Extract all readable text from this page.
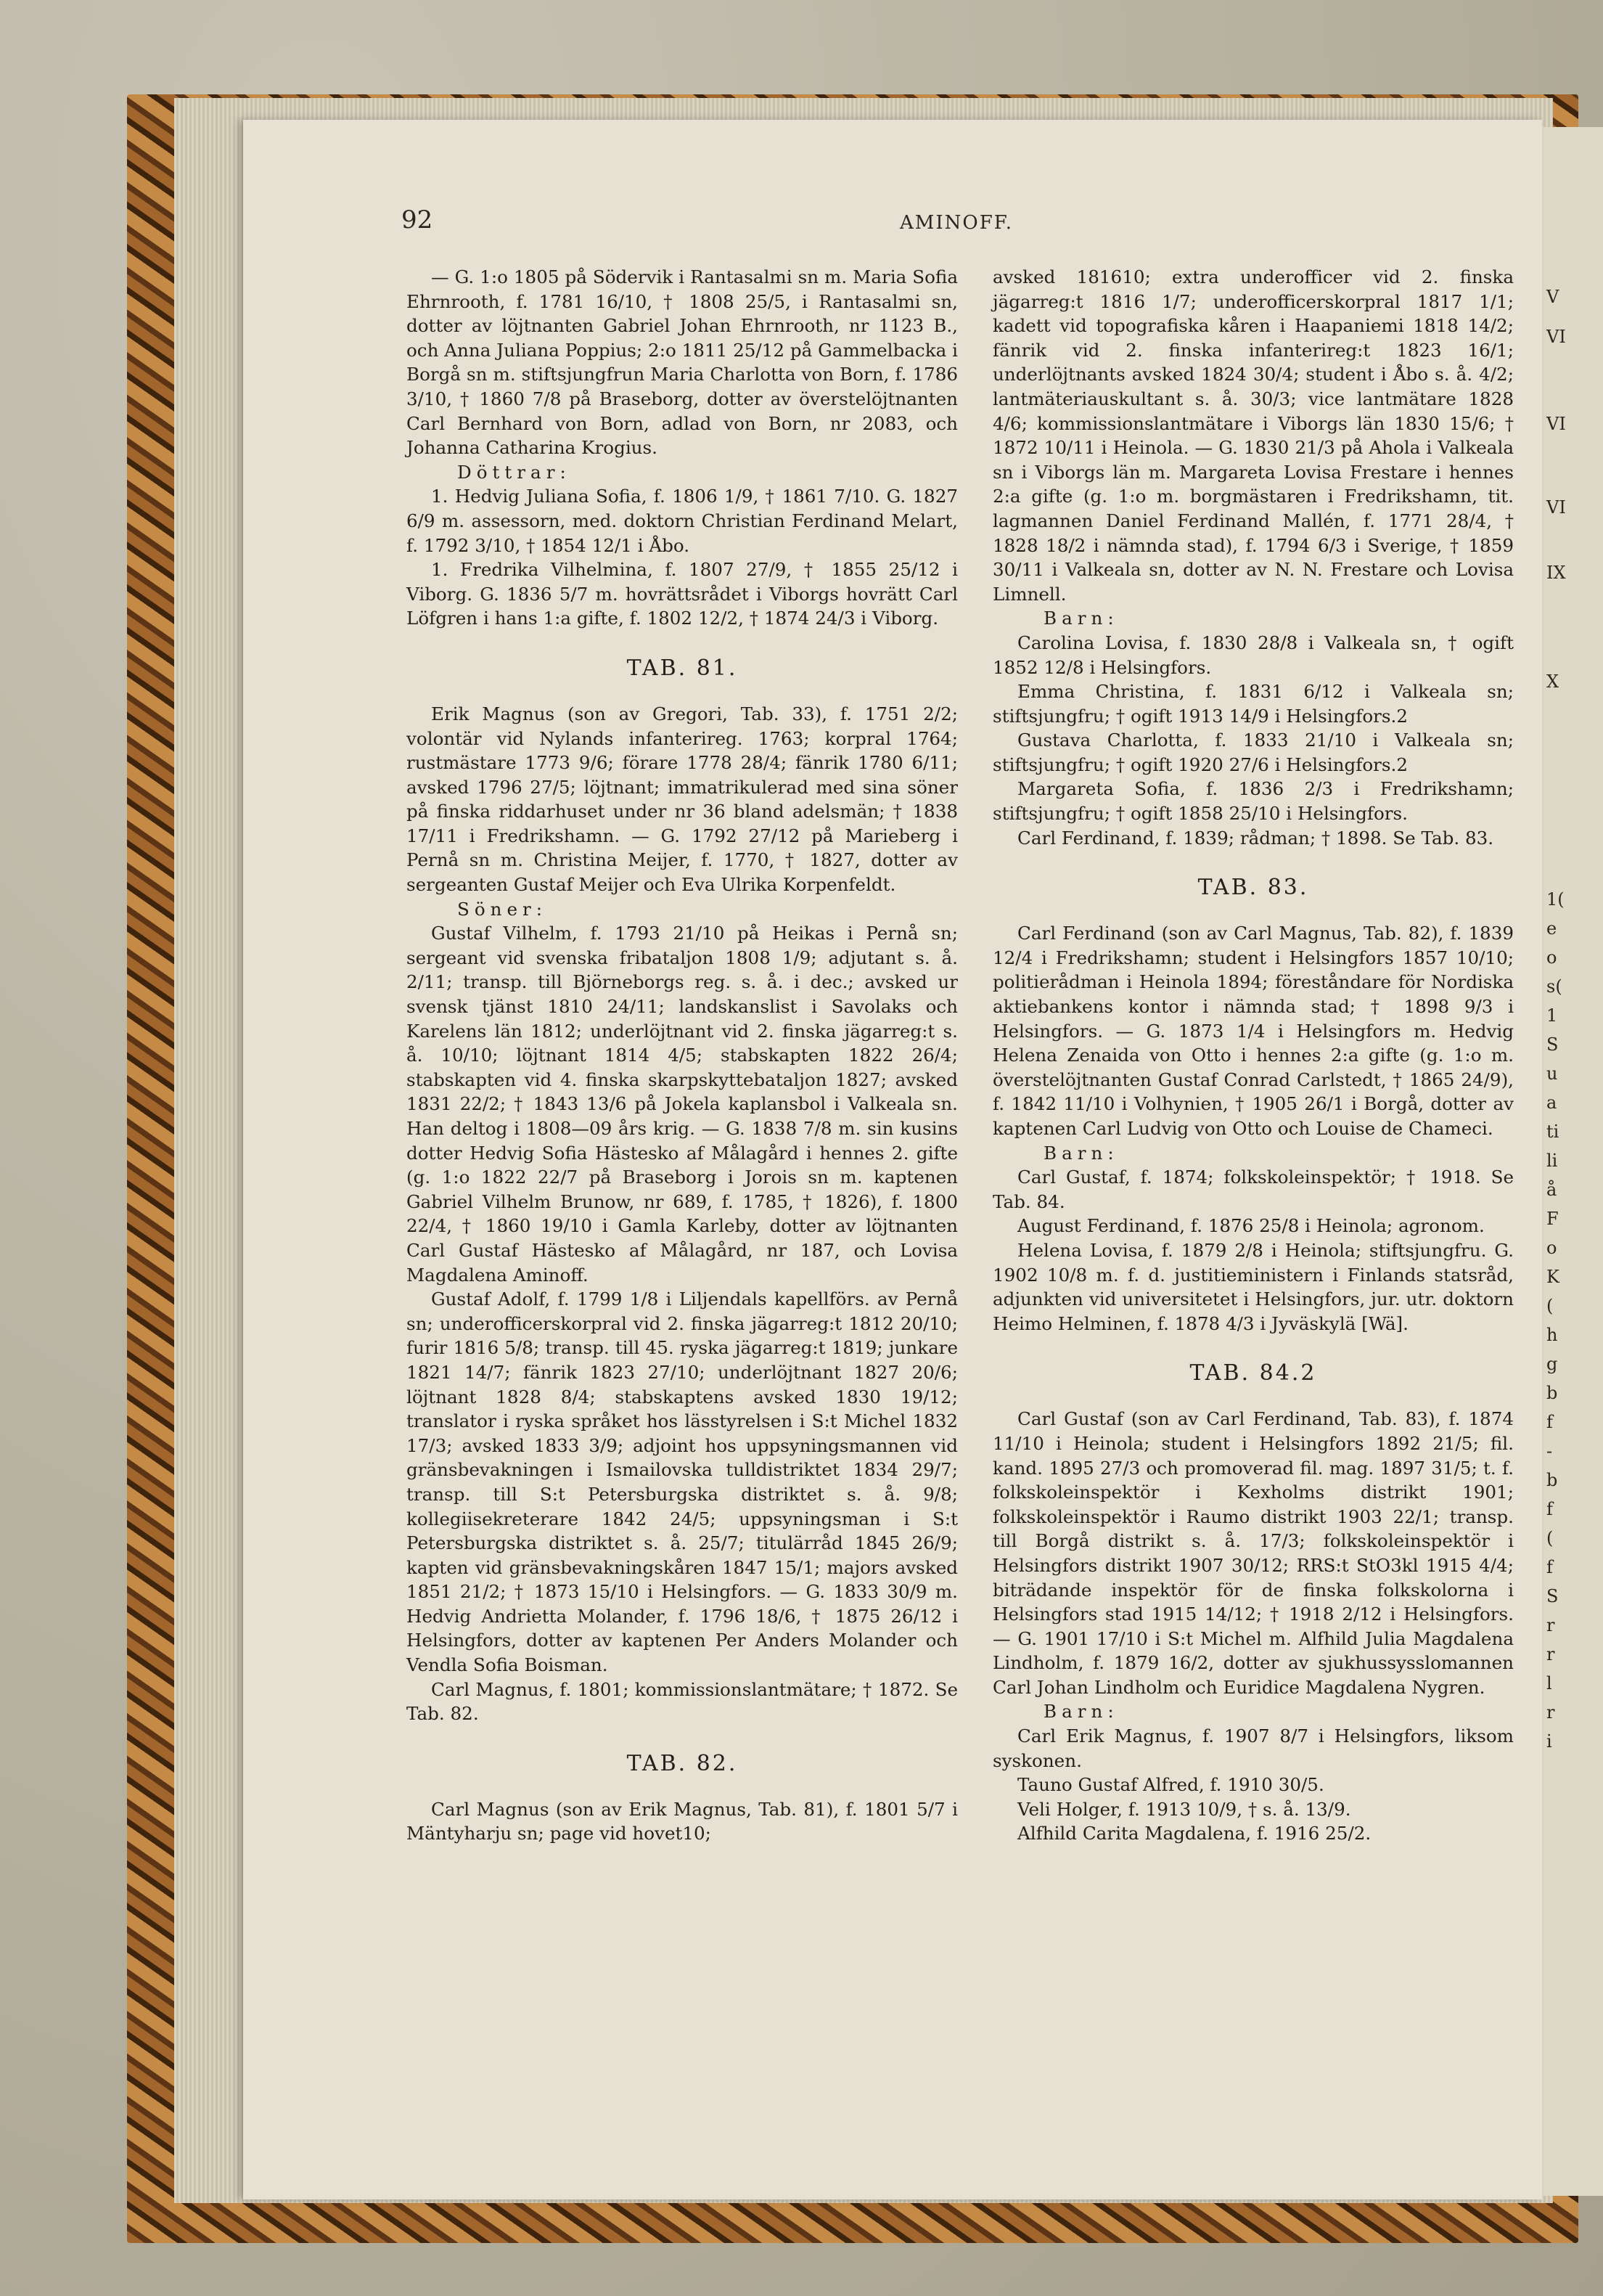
V
VI
VI
VI
IX
X
1(
e
o
s(
1
S
u
a
ti
li
å
F
o
K
(
h
g
b
f
-
b
f
(
f
S
r
r
l
r
i
92	AMINOFF.

— G. 1:o 1805 på Södervik i Rantasalmi sn m. Maria Sofia Ehrnrooth, f. 1781 16/10, † 1808 25/5, i Rantasalmi sn, dotter av löjtnanten Gabriel Johan Ehrnrooth, nr 1123 B., och Anna Juliana Poppius; 2:o 1811 25/12 på Gammelbacka i Borgå sn m. stiftsjungfrun Maria Charlotta von Born, f. 1786 3/10, † 1860 7/8 på Braseborg, dotter av överstelöjtnanten Carl Bernhard von Born, adlad von Born, nr 2083, och Johanna Catharina Krogius.

Döttrar:

1. Hedvig Juliana Sofia, f. 1806 1/9, † 1861 7/10. G. 1827 6/9 m. assessorn, med. doktorn Christian Ferdinand Melart, f. 1792 3/10, † 1854 12/1 i Åbo.

1. Fredrika Vilhelmina, f. 1807 27/9, † 1855 25/12 i Viborg. G. 1836 5/7 m. hovrättsrådet i Viborgs hovrätt Carl Löfgren i hans 1:a gifte, f. 1802 12/2, † 1874 24/3 i Viborg.

TAB. 81.

Erik Magnus (son av Gregori, Tab. 33), f. 1751 2/2; volontär vid Nylands infanterireg. 1763; korpral 1764; rustmästare 1773 9/6; förare 1778 28/4; fänrik 1780 6/11; avsked 1796 27/5; löjtnant; immatrikulerad med sina söner på finska riddarhuset under nr 36 bland adelsmän; † 1838 17/11 i Fredrikshamn. — G. 1792 27/12 på Marieberg i Pernå sn m. Christina Meijer, f. 1770, † 1827, dotter av sergeanten Gustaf Meijer och Eva Ulrika Korpenfeldt.

Söner:

Gustaf Vilhelm, f. 1793 21/10 på Heikas i Pernå sn; sergeant vid svenska fribataljon 1808 1/9; adjutant s. å. 2/11; transp. till Björneborgs reg. s. å. i dec.; avsked ur svensk tjänst 1810 24/11; landskanslist i Savolaks och Karelens län 1812; underlöjtnant vid 2. finska jägarreg:t s. å. 10/10; löjtnant 1814 4/5; stabskapten 1822 26/4; stabskapten vid 4. finska skarpskyttebataljon 1827; avsked 1831 22/2; † 1843 13/6 på Jokela kaplansbol i Valkeala sn. Han deltog i 1808—09 års krig. — G. 1838 7/8 m. sin kusins dotter Hedvig Sofia Hästesko af Målagård i hennes 2. gifte (g. 1:o 1822 22/7 på Braseborg i Jorois sn m. kaptenen Gabriel Vilhelm Brunow, nr 689, f. 1785, † 1826), f. 1800 22/4, † 1860 19/10 i Gamla Karleby, dotter av löjtnanten Carl Gustaf Hästesko af Målagård, nr 187, och Lovisa Magdalena Aminoff.

Gustaf Adolf, f. 1799 1/8 i Liljendals kapellförs. av Pernå sn; underofficerskorpral vid 2. finska jägarreg:t 1812 20/10; furir 1816 5/8; transp. till 45. ryska jägarreg:t 1819; junkare 1821 14/7; fänrik 1823 27/10; underlöjtnant 1827 20/6; löjtnant 1828 8/4; stabskaptens avsked 1830 19/12; translator i ryska språket hos lässtyrelsen i S:t Michel 1832 17/3; avsked 1833 3/9; adjoint hos uppsyningsmannen vid gränsbevakningen i Ismailovska tulldistriktet 1834 29/7; transp. till S:t Petersburgska distriktet s. å. 9/8; kollegiisekreterare 1842 24/5; uppsyningsman i S:t Petersburgska distriktet s. å. 25/7; titulärråd 1845 26/9; kapten vid gränsbevakningskåren 1847 15/1; majors avsked 1851 21/2; † 1873 15/10 i Helsingfors. — G. 1833 30/9 m. Hedvig Andrietta Molander, f. 1796 18/6, † 1875 26/12 i Helsingfors, dotter av kaptenen Per Anders Molander och Vendla Sofia Boisman.

Carl Magnus, f. 1801; kommissionslantmätare; † 1872. Se Tab. 82.

TAB. 82.

Carl Magnus (son av Erik Magnus, Tab. 81), f. 1801 5/7 i Mäntyharju sn; page vid hovet10;

avsked 181610; extra underofficer vid 2. finska jägarreg:t 1816 1/7; underofficerskorpral 1817 1/1; kadett vid topografiska kåren i Haapaniemi 1818 14/2; fänrik vid 2. finska infanterireg:t 1823 16/1; underlöjtnants avsked 1824 30/4; student i Åbo s. å. 4/2; lantmäteriauskultant s. å. 30/3; vice lantmätare 1828 4/6; kommissionslantmätare i Viborgs län 1830 15/6; † 1872 10/11 i Heinola. — G. 1830 21/3 på Ahola i Valkeala sn i Viborgs län m. Margareta Lovisa Frestare i hennes 2:a gifte (g. 1:o m. borgmästaren i Fredrikshamn, tit. lagmannen Daniel Ferdinand Mallén, f. 1771 28/4, † 1828 18/2 i nämnda stad), f. 1794 6/3 i Sverige, † 1859 30/11 i Valkeala sn, dotter av N. N. Frestare och Lovisa Limnell.

Barn:

Carolina Lovisa, f. 1830 28/8 i Valkeala sn, † ogift 1852 12/8 i Helsingfors.

Emma Christina, f. 1831 6/12 i Valkeala sn; stiftsjungfru; † ogift 1913 14/9 i Helsingfors.2

Gustava Charlotta, f. 1833 21/10 i Valkeala sn; stiftsjungfru; † ogift 1920 27/6 i Helsingfors.2

Margareta Sofia, f. 1836 2/3 i Fredrikshamn; stiftsjungfru; † ogift 1858 25/10 i Helsingfors.

Carl Ferdinand, f. 1839; rådman; † 1898. Se Tab. 83.

TAB. 83.

Carl Ferdinand (son av Carl Magnus, Tab. 82), f. 1839 12/4 i Fredrikshamn; student i Helsingfors 1857 10/10; politierådman i Heinola 1894; föreståndare för Nordiska aktiebankens kontor i nämnda stad; † 1898 9/3 i Helsingfors. — G. 1873 1/4 i Helsingfors m. Hedvig Helena Zenaida von Otto i hennes 2:a gifte (g. 1:o m. överstelöjtnanten Gustaf Conrad Carlstedt, † 1865 24/9), f. 1842 11/10 i Volhynien, † 1905 26/1 i Borgå, dotter av kaptenen Carl Ludvig von Otto och Louise de Chameci.

Barn:

Carl Gustaf, f. 1874; folkskoleinspektör; † 1918. Se Tab. 84.

August Ferdinand, f. 1876 25/8 i Heinola; agronom.

Helena Lovisa, f. 1879 2/8 i Heinola; stiftsjungfru. G. 1902 10/8 m. f. d. justitieministern i Finlands statsråd, adjunkten vid universitetet i Helsingfors, jur. utr. doktorn Heimo Helminen, f. 1878 4/3 i Jyväskylä [Wä].

TAB. 84.2

Carl Gustaf (son av Carl Ferdinand, Tab. 83), f. 1874 11/10 i Heinola; student i Helsingfors 1892 21/5; fil. kand. 1895 27/3 och promoverad fil. mag. 1897 31/5; t. f. folkskoleinspektör i Kexholms distrikt 1901; folkskoleinspektör i Raumo distrikt 1903 22/1; transp. till Borgå distrikt s. å. 17/3; folkskoleinspektör i Helsingfors distrikt 1907 30/12; RRS:t StO3kl 1915 4/4; biträdande inspektör för de finska folkskolorna i Helsingfors stad 1915 14/12; † 1918 2/12 i Helsingfors. — G. 1901 17/10 i S:t Michel m. Alfhild Julia Magdalena Lindholm, f. 1879 16/2, dotter av sjukhussysslomannen Carl Johan Lindholm och Euridice Magdalena Nygren.

Barn:

Carl Erik Magnus, f. 1907 8/7 i Helsingfors, liksom syskonen.

Tauno Gustaf Alfred, f. 1910 30/5.

Veli Holger, f. 1913 10/9, † s. å. 13/9.

Alfhild Carita Magdalena, f. 1916 25/2.
